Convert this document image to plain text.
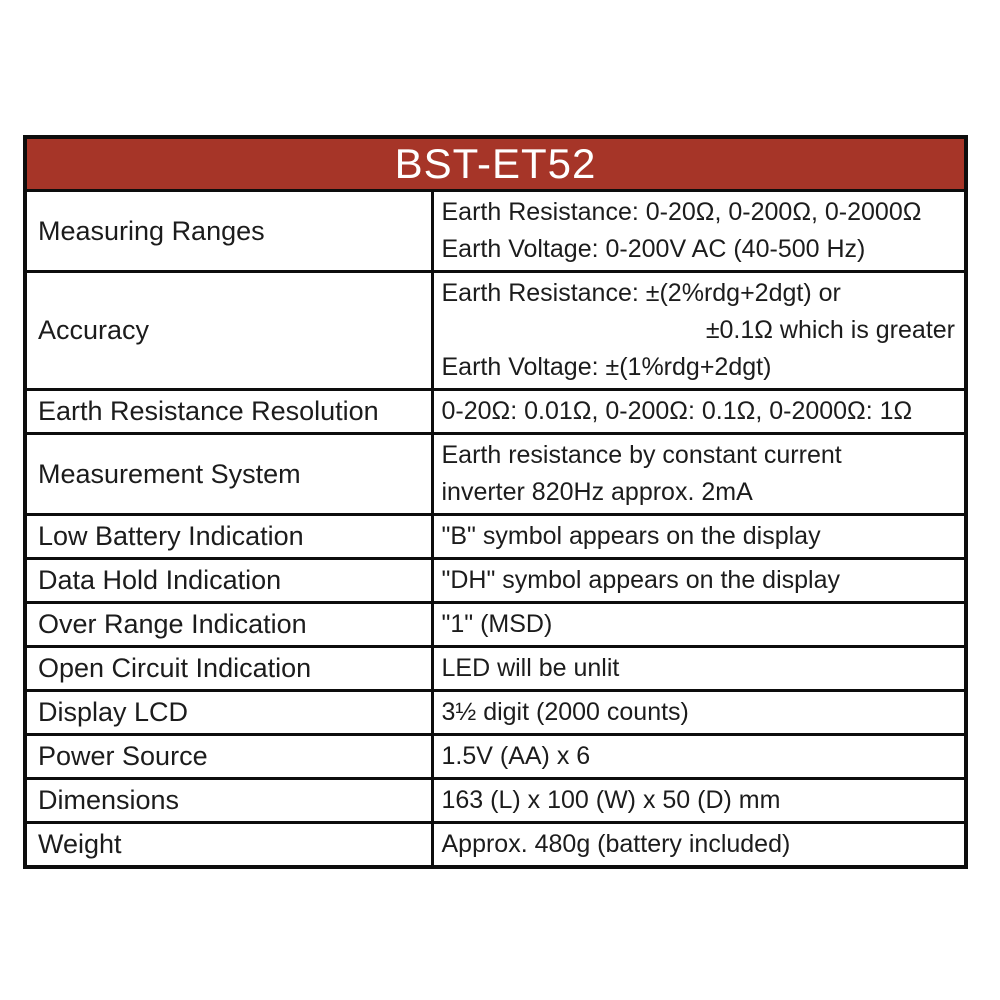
BST-ET52	
Measuring Ranges	Earth Resistance: 0-20Ω, 0-200Ω, 0-2000Ω
Earth Voltage: 0-200V AC (40-500 Hz)

Accuracy	Earth Resistance: ±(2%rdg+2dgt) or
±0.1Ω which is greater
Earth Voltage: ±(1%rdg+2dgt)

Earth Resistance Resolution	0-20Ω: 0.01Ω, 0-200Ω: 0.1Ω, 0-2000Ω: 1Ω

Measurement System	Earth resistance by constant current
inverter 820Hz approx. 2mA

Low Battery Indication	"B" symbol appears on the display

Data Hold Indication	"DH" symbol appears on the display

Over Range Indication	"1" (MSD)

Open Circuit Indication	LED will be unlit

Display LCD	3½ digit (2000 counts)

Power Source	1.5V (AA) x 6

Dimensions	163 (L) x 100 (W) x 50 (D) mm

Weight	Approx. 480g (battery included)
